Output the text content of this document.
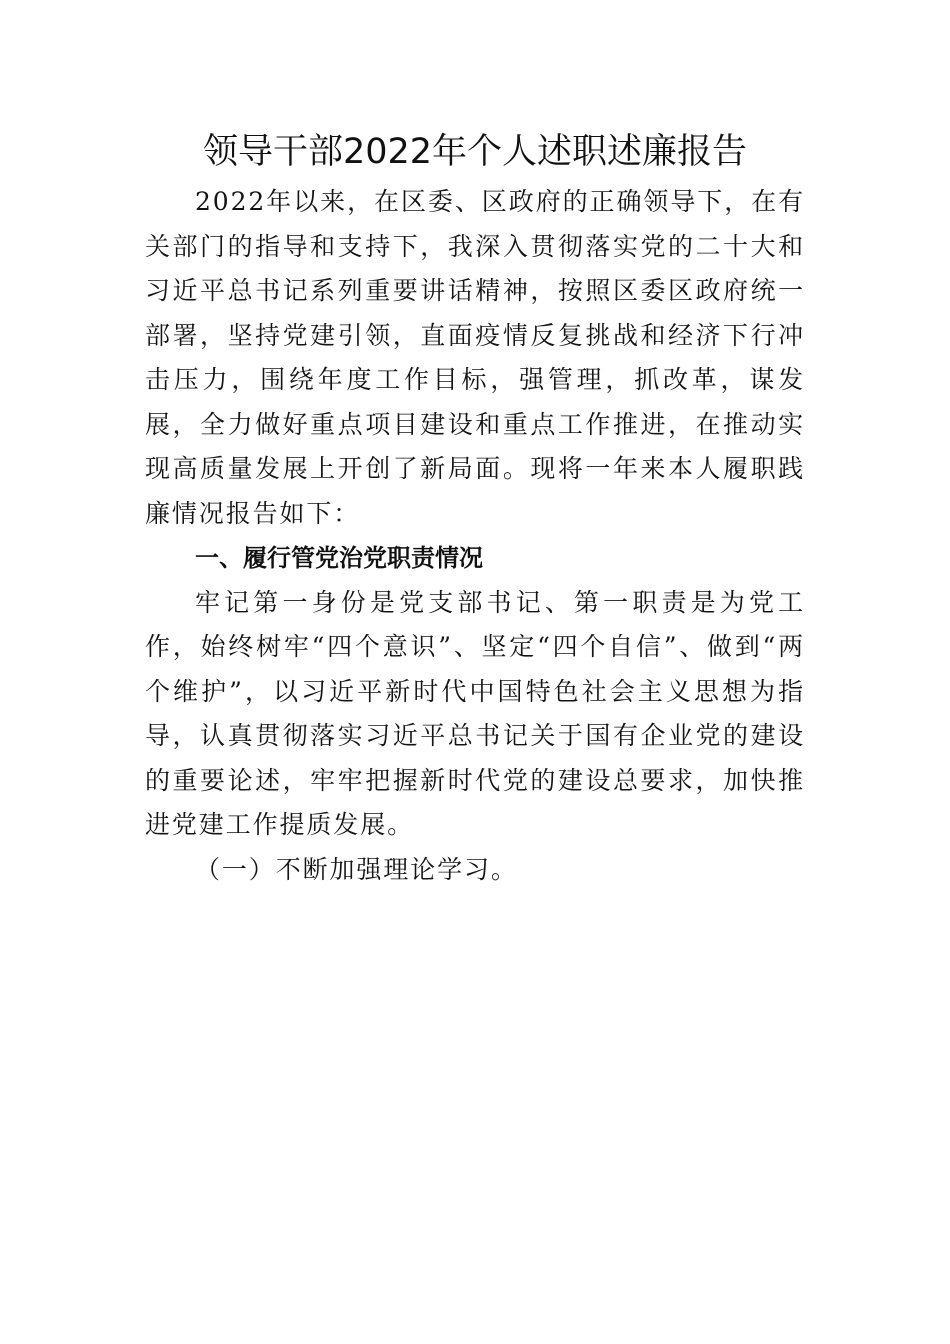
领导干部2022年个人述职述廉报告

2022年以来，在区委、区政府的正确领导下，在有关部门的指导和支持下，我深入贯彻落实党的二十大和习近平总书记系列重要讲话精神，按照区委区政府统一部署，坚持党建引领，直面疫情反复挑战和经济下行冲击压力，围绕年度工作目标，强管理，抓改革，谋发展，全力做好重点项目建设和重点工作推进，在推动实现高质量发展上开创了新局面。现将一年来本人履职践廉情况报告如下：

一、履行管党治党职责情况

牢记第一身份是党支部书记、第一职责是为党工作，始终树牢“四个意识”、坚定“四个自信”、做到“两个维护”，以习近平新时代中国特色社会主义思想为指导，认真贯彻落实习近平总书记关于国有企业党的建设的重要论述，牢牢把握新时代党的建设总要求，加快推进党建工作提质发展。

（一）不断加强理论学习。
